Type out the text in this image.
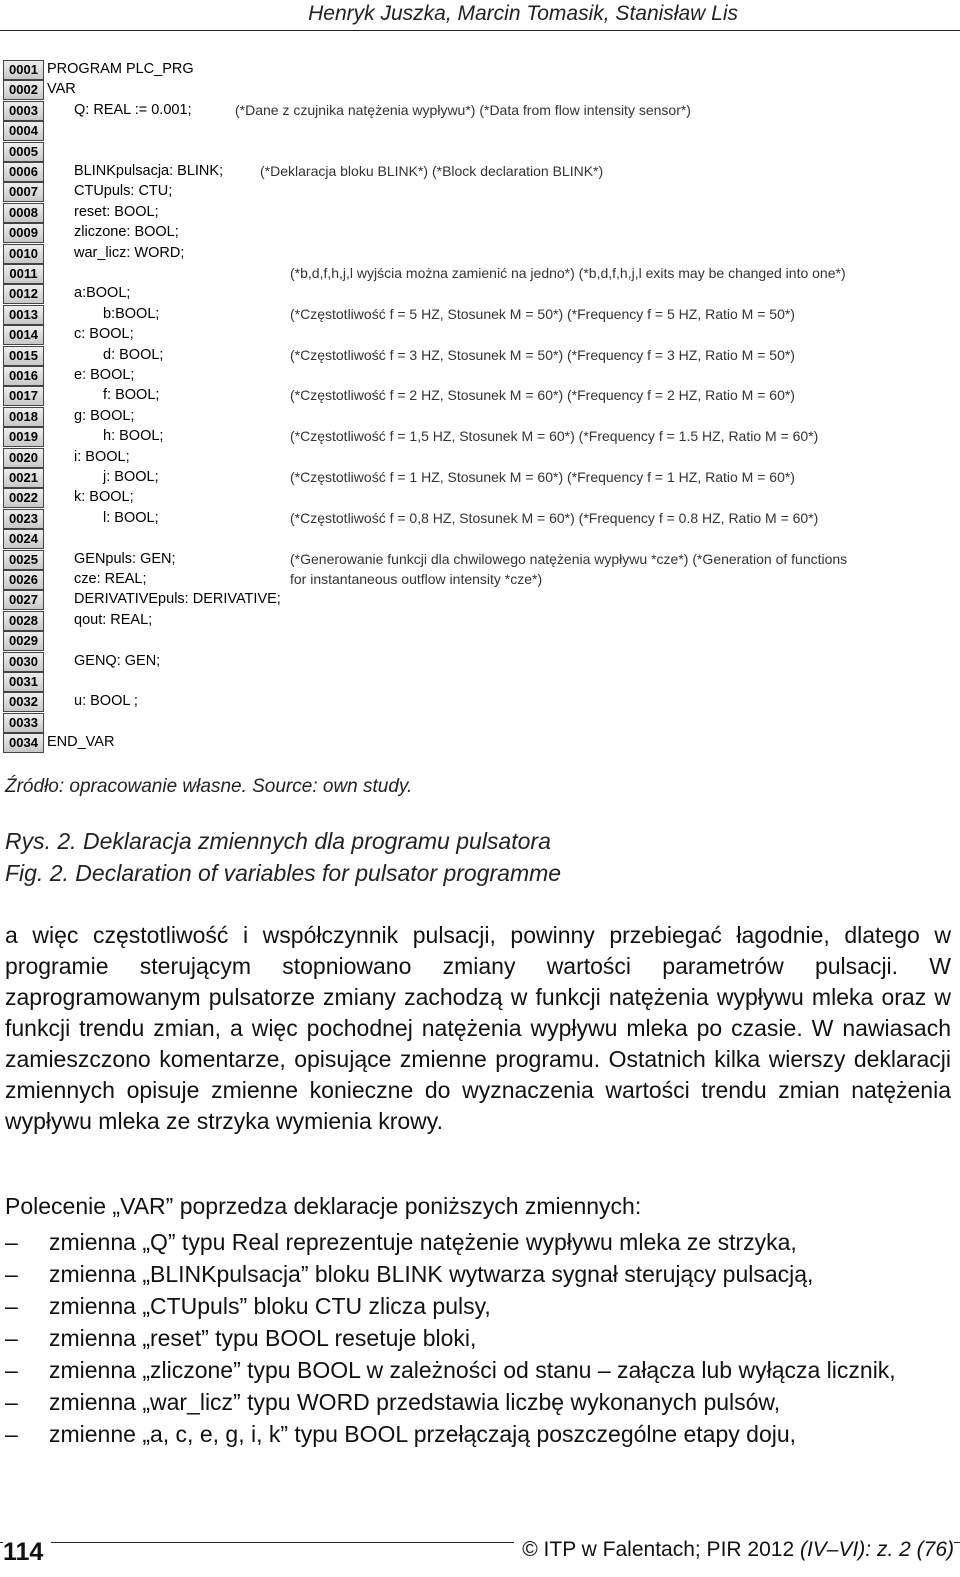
Henryk Juszka, Marcin Tomasik, Stanisław Lis
0001 PROGRAM PLC_PRG
0002 VAR
0003	Q: REAL := 0.001;	(*Dane z czujnika natężenia wypływu*) (*Data from flow intensity sensor*)
0004
0005
0006	BLINKpulsacja: BLINK;	(*Deklaracja bloku BLINK*) (*Block declaration BLINK*)
0007	CTUpuls: CTU;
0008	reset: BOOL;
0009	zliczone: BOOL;
0010	war_licz: WORD;
0011	(*b,d,f,h,j,l wyjścia można zamienić na jedno*) (*b,d,f,h,j,l exits may be changed into one*)
0012	a:BOOL;
0013	b:BOOL;	(*Częstotliwość f = 5 HZ, Stosunek M = 50*) (*Frequency f = 5 HZ, Ratio M = 50*)
0014	c: BOOL;
0015	d: BOOL;	(*Częstotliwość f = 3 HZ, Stosunek M = 50*) (*Frequency f = 3 HZ, Ratio M = 50*)
0016	e: BOOL;
0017	f: BOOL;	(*Częstotliwość f = 2 HZ, Stosunek M = 60*) (*Frequency f = 2 HZ, Ratio M = 60*)
0018	g: BOOL;
0019	h: BOOL;	(*Częstotliwość f = 1,5 HZ, Stosunek M = 60*) (*Frequency f = 1.5 HZ, Ratio M = 60*)
0020	i: BOOL;
0021	j: BOOL;	(*Częstotliwość f = 1 HZ, Stosunek M = 60*) (*Frequency f = 1 HZ, Ratio M = 60*)
0022	k: BOOL;
0023	l: BOOL;	(*Częstotliwość f = 0,8 HZ, Stosunek M = 60*) (*Frequency f = 0.8 HZ, Ratio M = 60*)
0024
0025	GENpuls: GEN;	(*Generowanie funkcji dla chwilowego natężenia wypływu *cze*) (*Generation of functions
0026	cze: REAL;	for instantaneous outflow intensity *cze*)
0027	DERIVATIVEpuls: DERIVATIVE;
0028	qout: REAL;
0029
0030	GENQ: GEN;
0031
0032	u: BOOL ;
0033
0034 END_VAR
Źródło: opracowanie własne. Source: own study.
Rys. 2. Deklaracja zmiennych dla programu pulsatora
Fig. 2. Declaration of variables for pulsator programme

a więc częstotliwość i współczynnik pulsacji, powinny przebiegać łagodnie, dlatego w programie sterującym stopniowano zmiany wartości parametrów pulsacji. W zaprogramowanym pulsatorze zmiany zachodzą w funkcji natężenia wypływu mleka oraz w funkcji trendu zmian, a więc pochodnej natężenia wypływu mleka po czasie. W nawiasach zamieszczono komentarze, opisujące zmienne programu. Ostatnich kilka wierszy deklaracji zmiennych opisuje zmienne konieczne do wyznaczenia wartości trendu zmian natężenia wypływu mleka ze strzyka wymienia krowy.

Polecenie „VAR” poprzedza deklaracje poniższych zmiennych:
–	zmienna „Q” typu Real reprezentuje natężenie wypływu mleka ze strzyka,
–	zmienna „BLINKpulsacja” bloku BLINK wytwarza sygnał sterujący pulsacją,
–	zmienna „CTUpuls” bloku CTU zlicza pulsy,
–	zmienna „reset” typu BOOL resetuje bloki,
–	zmienna „zliczone” typu BOOL w zależności od stanu – załącza lub wyłącza licznik,
–	zmienna „war_licz” typu WORD przedstawia liczbę wykonanych pulsów,
–	zmienne „a, c, e, g, i, k” typu BOOL przełączają poszczególne etapy doju,
114	© ITP w Falentach; PIR 2012 (IV–VI): z. 2 (76)
